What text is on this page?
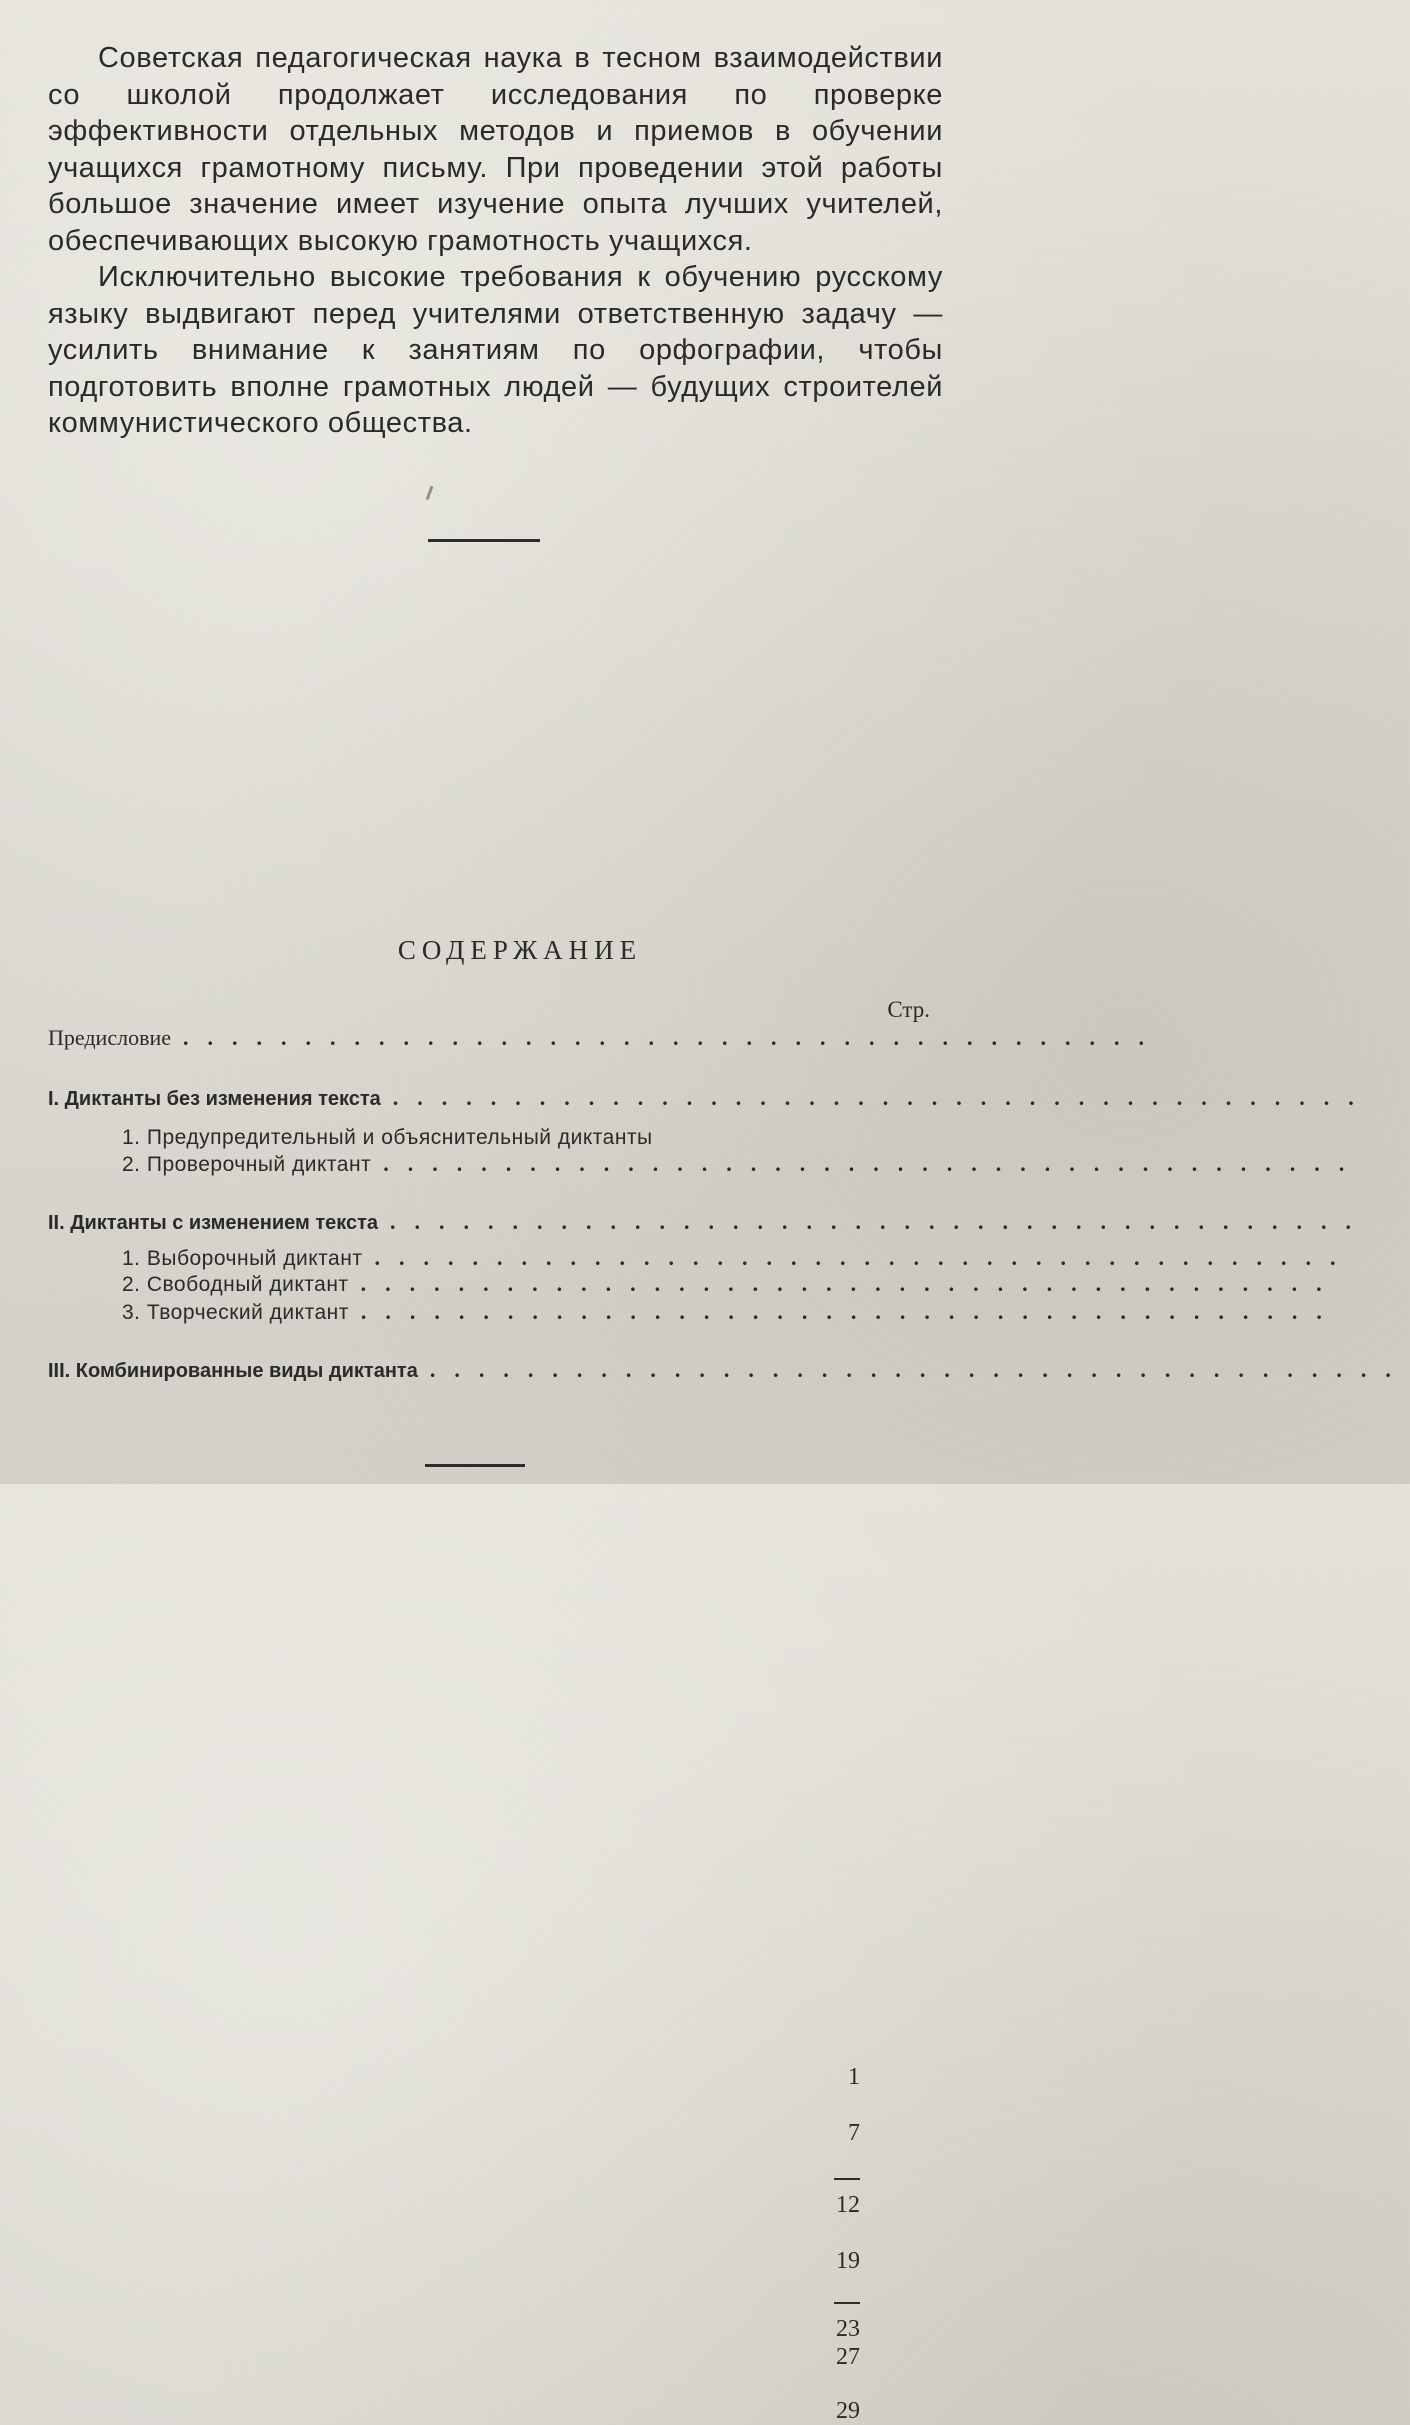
Советская педагогическая наука в тесном взаимодействии со школой продолжает исследования по проверке эффективности отдельных методов и приемов в обучении учащихся грамотному письму. При проведении этой работы большое значение имеет изучение опыта лучших учителей, обеспечивающих высокую грамотность учащихся.

Исключительно высокие требования к обучению русскому языку выдвигают перед учителями ответственную задачу — усилить внимание к занятиям по орфографии, чтобы подготовить вполне грамотных людей — будущих строителей коммунистического общества.

СОДЕРЖАНИЕ
Стр.
Предисловие ........................................
1
I. Диктанты без изменения текста ........................................
7
1. Предупредительный и объяснительный диктанты
2. Проверочный диктант ........................................
12
II. Диктанты с изменением текста ........................................
19
1. Выборочный диктант ........................................
2. Свободный диктант ........................................
23
3. Творческий диктант ........................................
27
III. Комбинированные виды диктанта ........................................
29
